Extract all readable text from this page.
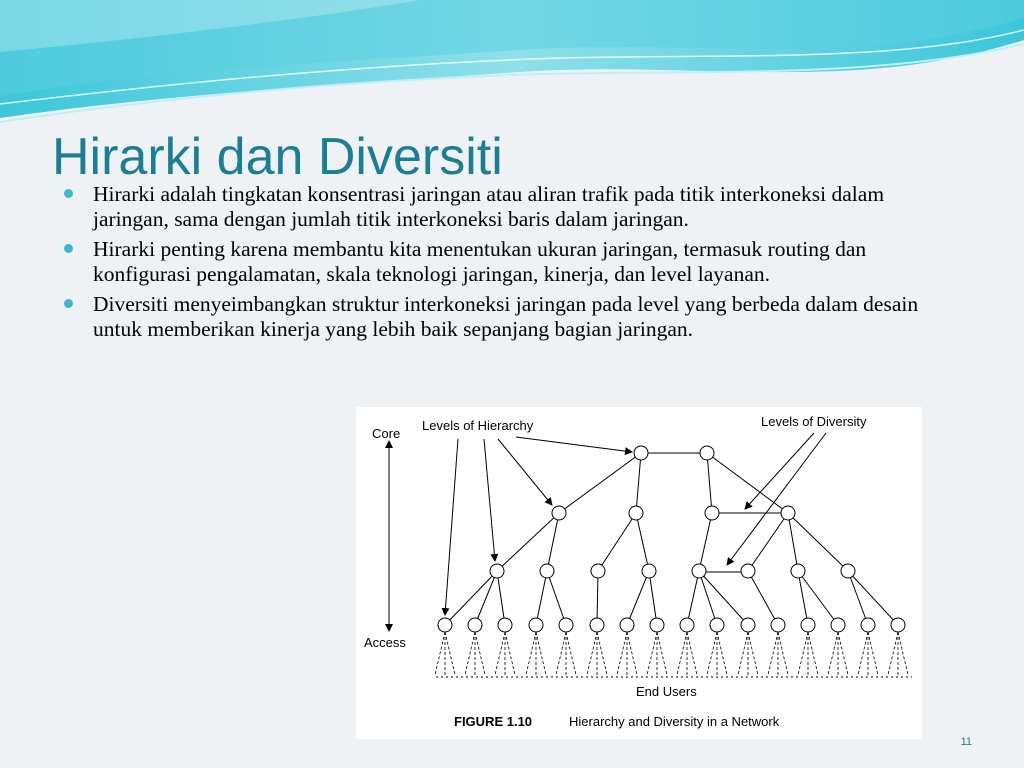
Hirarki dan Diversiti
Hirarki adalah tingkatan konsentrasi jaringan atau aliran trafik pada titik interkoneksi dalam jaringan, sama dengan jumlah titik interkoneksi baris dalam jaringan.
Hirarki penting karena membantu kita menentukan ukuran jaringan, termasuk routing dan konfigurasi pengalamatan, skala teknologi jaringan, kinerja, dan level layanan.
Diversiti menyeimbangkan struktur interkoneksi jaringan pada level yang berbeda dalam desain untuk memberikan kinerja yang lebih baik sepanjang bagian jaringan.
Core
Access
Levels of Hierarchy	Levels of Diversity
End Users
FIGURE 1.10	Hierarchy and Diversity in a Network
11
